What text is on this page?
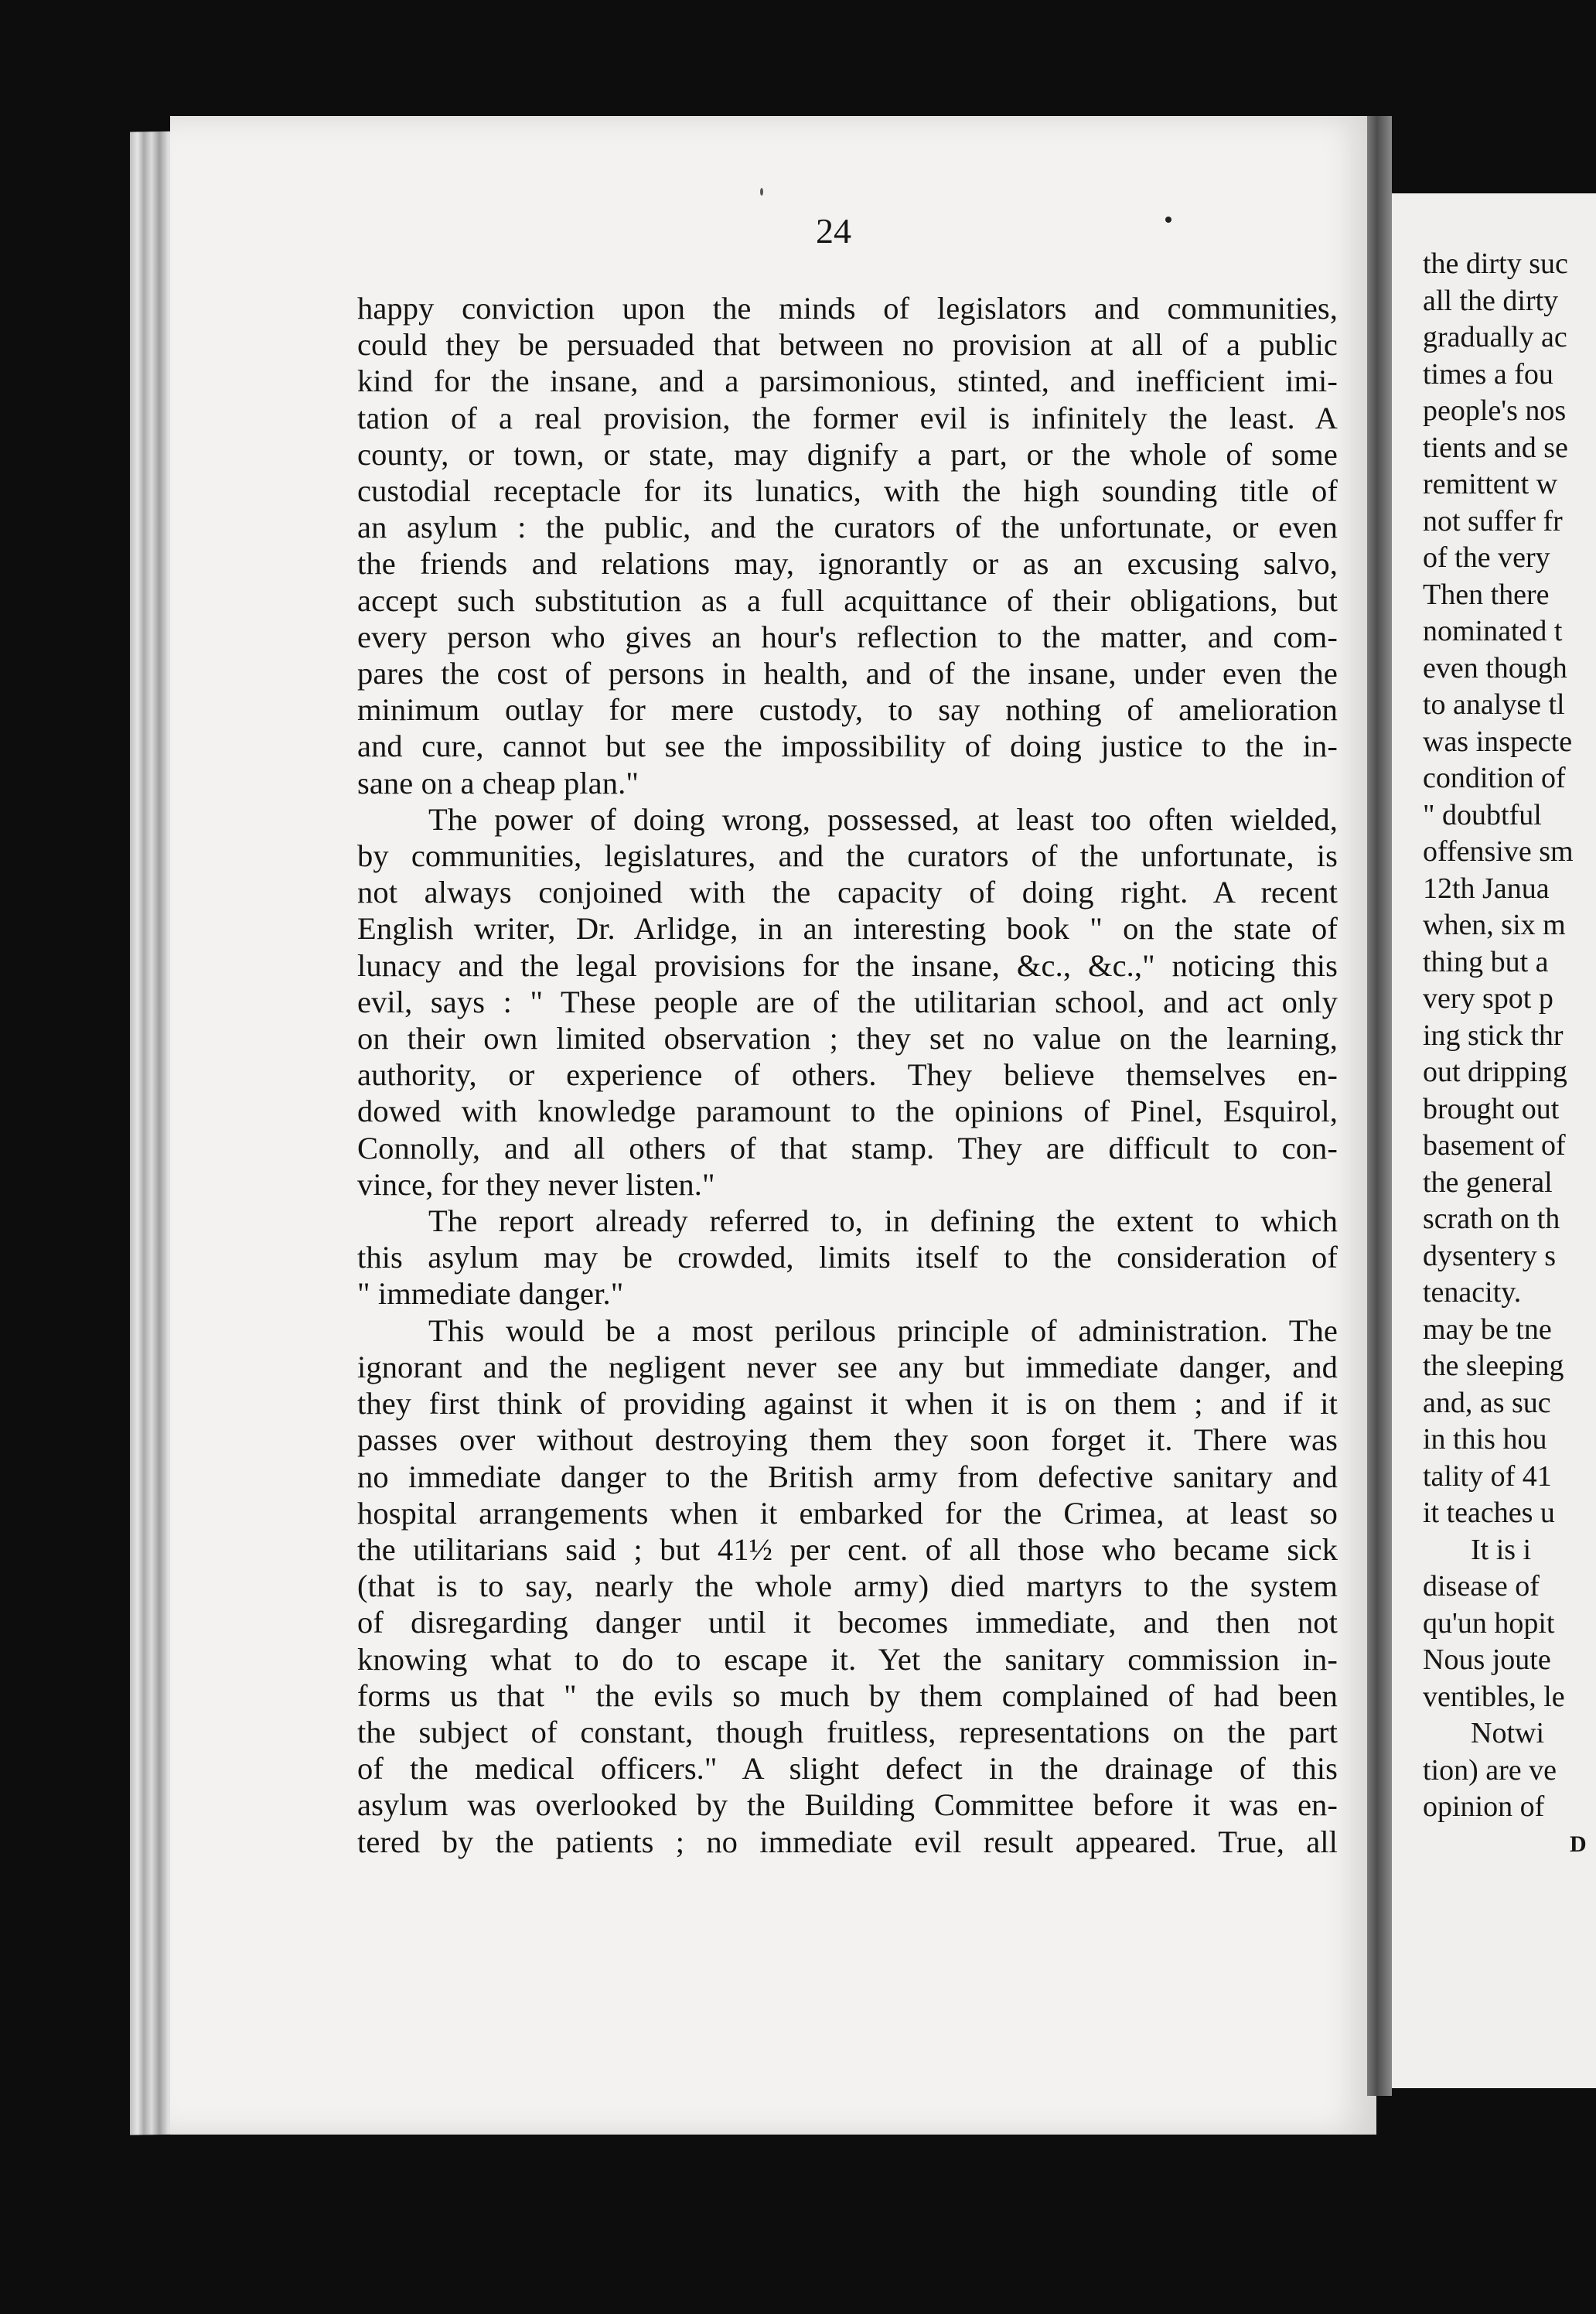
24
happy conviction upon the minds of legislators and communities,
could they be persuaded that between no provision at all of a public
kind for the insane, and a parsimonious, stinted, and inefficient imi-
tation of a real provision, the former evil is infinitely the least. A
county, or town, or state, may dignify a part, or the whole of some
custodial receptacle for its lunatics, with the high sounding title of
an asylum : the public, and the curators of the unfortunate, or even
the friends and relations may, ignorantly or as an excusing salvo,
accept such substitution as a full acquittance of their obligations, but
every person who gives an hour's reflection to the matter, and com-
pares the cost of persons in health, and of the insane, under even the
minimum outlay for mere custody, to say nothing of amelioration
and cure, cannot but see the impossibility of doing justice to the in-
sane on a cheap plan."
The power of doing wrong, possessed, at least too often wielded,
by communities, legislatures, and the curators of the unfortunate, is
not always conjoined with the capacity of doing right. A recent
English writer, Dr. Arlidge, in an interesting book " on the state of
lunacy and the legal provisions for the insane, &c., &c.," noticing this
evil, says : " These people are of the utilitarian school, and act only
on their own limited observation ; they set no value on the learning,
authority, or experience of others. They believe themselves en-
dowed with knowledge paramount to the opinions of Pinel, Esquirol,
Connolly, and all others of that stamp. They are difficult to con-
vince, for they never listen."
The report already referred to, in defining the extent to which
this asylum may be crowded, limits itself to the consideration of
" immediate danger."
This would be a most perilous principle of administration. The
ignorant and the negligent never see any but immediate danger, and
they first think of providing against it when it is on them ; and if it
passes over without destroying them they soon forget it. There was
no immediate danger to the British army from defective sanitary and
hospital arrangements when it embarked for the Crimea, at least so
the utilitarians said ; but 41½ per cent. of all those who became sick
(that is to say, nearly the whole army) died martyrs to the system
of disregarding danger until it becomes immediate, and then not
knowing what to do to escape it. Yet the sanitary commission in-
forms us that " the evils so much by them complained of had been
the subject of constant, though fruitless, representations on the part
of the medical officers." A slight defect in the drainage of this
asylum was overlooked by the Building Committee before it was en-
tered by the patients ; no immediate evil result appeared. True, all
the dirty suc
all the dirty
gradually ac
times a fou
people's nos
tients and se
remittent w
not suffer fr
of the very
Then there
nominated t
even though
to analyse tl
was inspecte
condition of
" doubtful
offensive sm
12th Janua
when, six m
thing but a
very spot p
ing stick thr
out dripping
brought out
basement of
the general
scrath on th
dysentery s
tenacity.
may be tne
the sleeping
and, as suc
in this hou
tality of 41
it teaches u
It is i
disease of
qu'un hopit
Nous joute
ventibles, le
Notwi
tion) are ve
opinion of
D
